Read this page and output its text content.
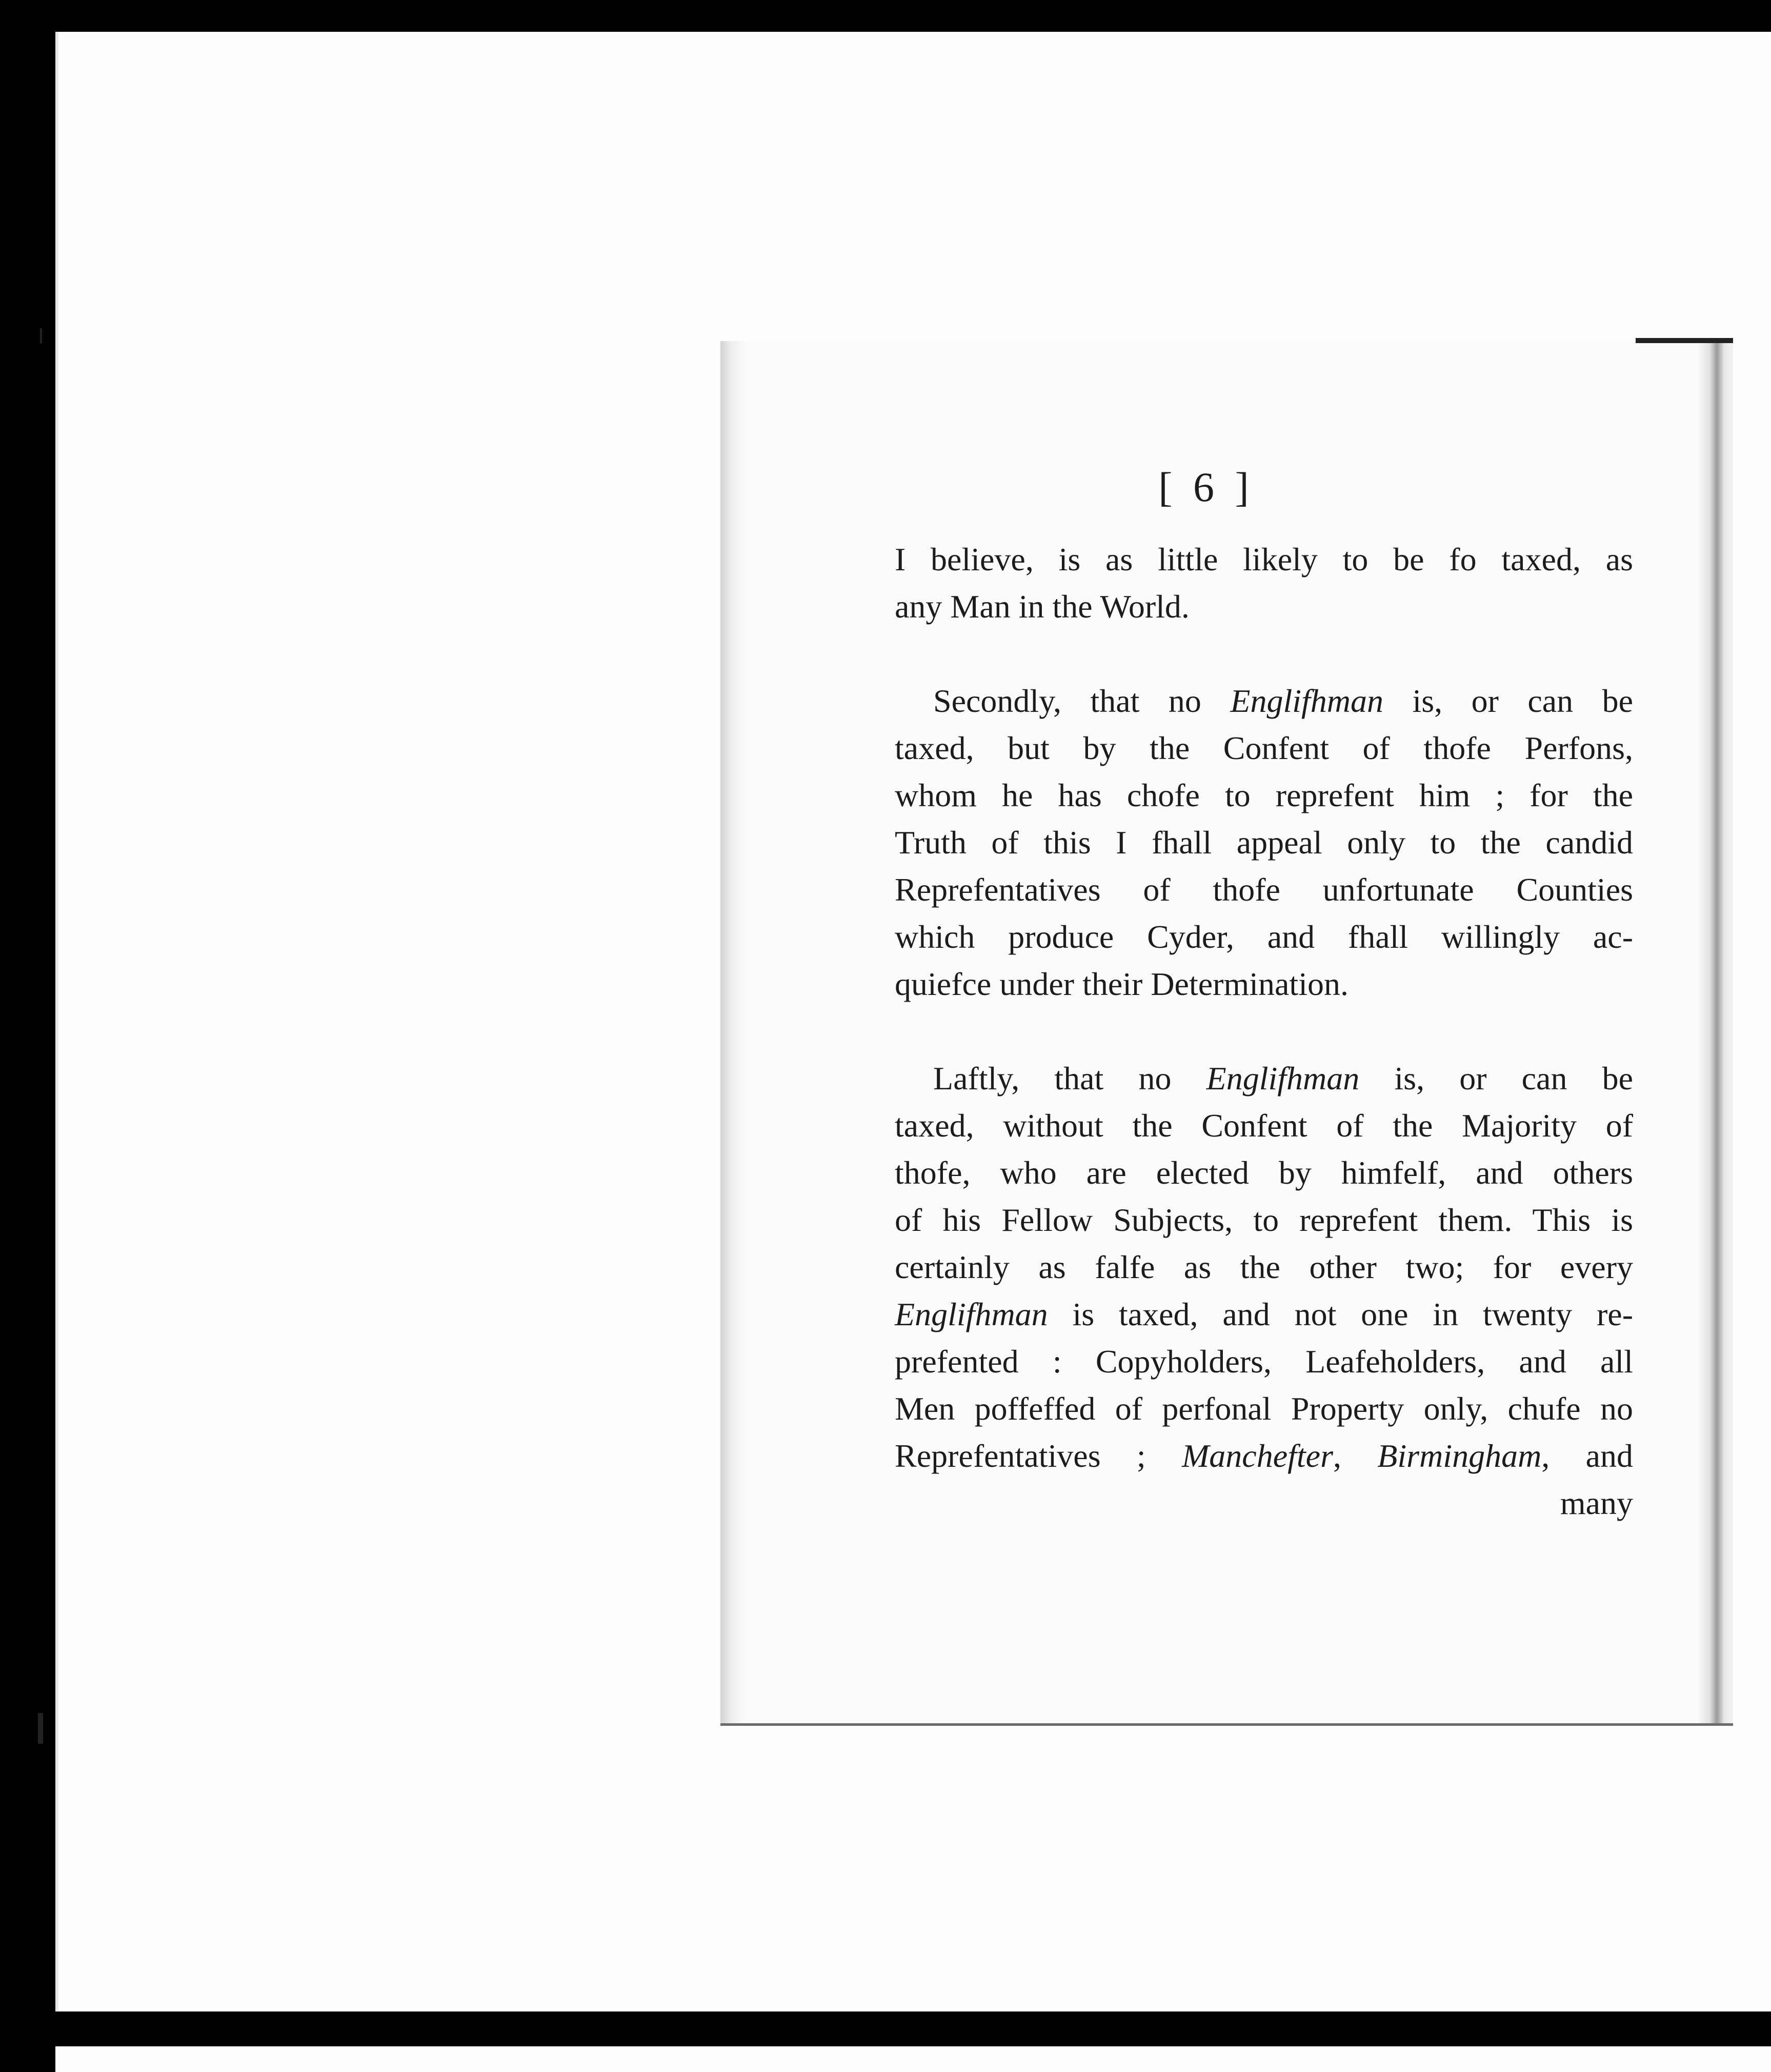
[ 6 ]
I believe, is as little likely to be fo taxed, as
any Man in the World.
Secondly, that no Englifhman is, or can be
taxed, but by the Confent of thofe Perfons,
whom he has chofe to reprefent him ; for the
Truth of this I fhall appeal only to the candid
Reprefentatives of thofe unfortunate Counties
which produce Cyder, and fhall willingly ac-
quiefce under their Determination.
Laftly, that no Englifhman is, or can be
taxed, without the Confent of the Majority of
thofe, who are elected by himfelf, and others
of his Fellow Subjects, to reprefent them. This is
certainly as falfe as the other two; for every
Englifhman is taxed, and not one in twenty re-
prefented : Copyholders, Leafeholders, and all
Men poffeffed of perfonal Property only, chufe no
Reprefentatives ; Manchefter, Birmingham, and
many
